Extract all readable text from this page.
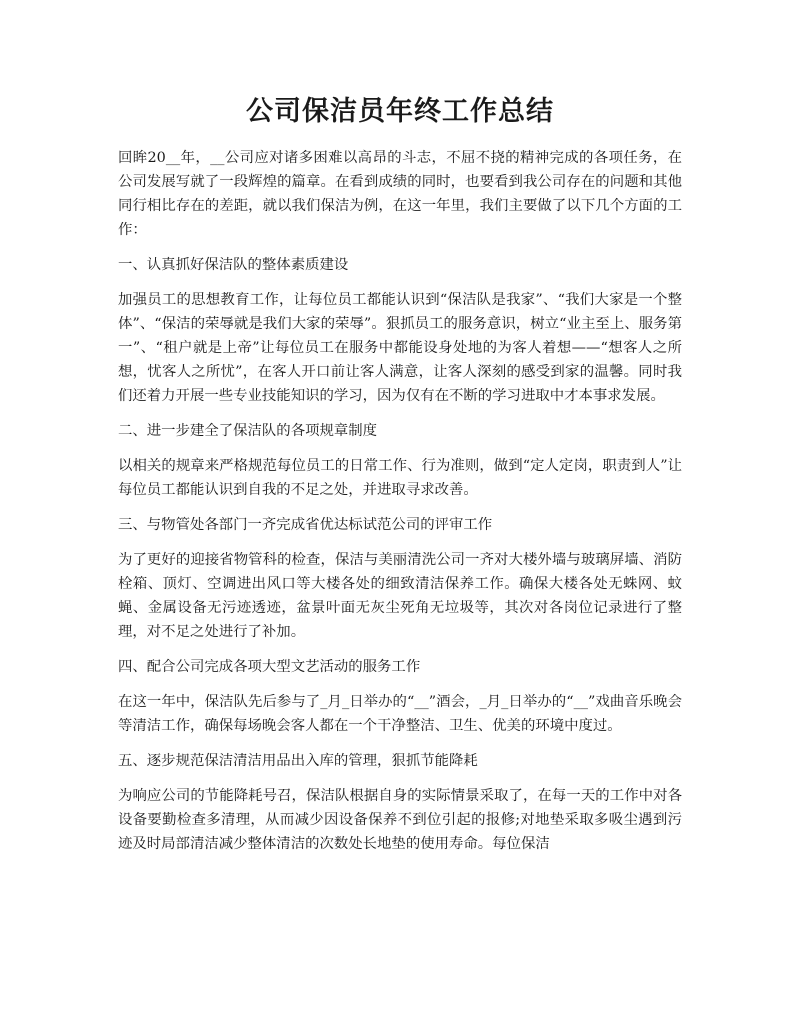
公司保洁员年终工作总结

回眸20__年，__公司应对诸多困难以高昂的斗志，不屈不挠的精神完成的各项任务，在公司发展写就了一段辉煌的篇章。在看到成绩的同时，也要看到我公司存在的问题和其他同行相比存在的差距，就以我们保洁为例，在这一年里，我们主要做了以下几个方面的工作：

一、认真抓好保洁队的整体素质建设

加强员工的思想教育工作，让每位员工都能认识到“保洁队是我家”、“我们大家是一个整体”、“保洁的荣辱就是我们大家的荣辱”。狠抓员工的服务意识，树立“业主至上、服务第一”、“租户就是上帝”让每位员工在服务中都能设身处地的为客人着想——“想客人之所想，忧客人之所忧”，在客人开口前让客人满意，让客人深刻的感受到家的温馨。同时我们还着力开展一些专业技能知识的学习，因为仅有在不断的学习进取中才本事求发展。

二、进一步建全了保洁队的各项规章制度

以相关的规章来严格规范每位员工的日常工作、行为准则，做到“定人定岗，职责到人”让每位员工都能认识到自我的不足之处，并进取寻求改善。

三、与物管处各部门一齐完成省优达标试范公司的评审工作

为了更好的迎接省物管科的检查，保洁与美丽清洗公司一齐对大楼外墙与玻璃屏墙、消防栓箱、顶灯、空调进出风口等大楼各处的细致清洁保养工作。确保大楼各处无蛛网、蚊蝇、金属设备无污迹透迹，盆景叶面无灰尘死角无垃圾等，其次对各岗位记录进行了整理，对不足之处进行了补加。

四、配合公司完成各项大型文艺活动的服务工作

在这一年中，保洁队先后参与了_月_日举办的“__”酒会，_月_日举办的“__”戏曲音乐晚会等清洁工作，确保每场晚会客人都在一个干净整洁、卫生、优美的环境中度过。

五、逐步规范保洁清洁用品出入库的管理，狠抓节能降耗

为响应公司的节能降耗号召，保洁队根据自身的实际情景采取了，在每一天的工作中对各设备要勤检查多清理，从而减少因设备保养不到位引起的报修;对地垫采取多吸尘遇到污迹及时局部清洁减少整体清洁的次数处长地垫的使用寿命。每位保洁
